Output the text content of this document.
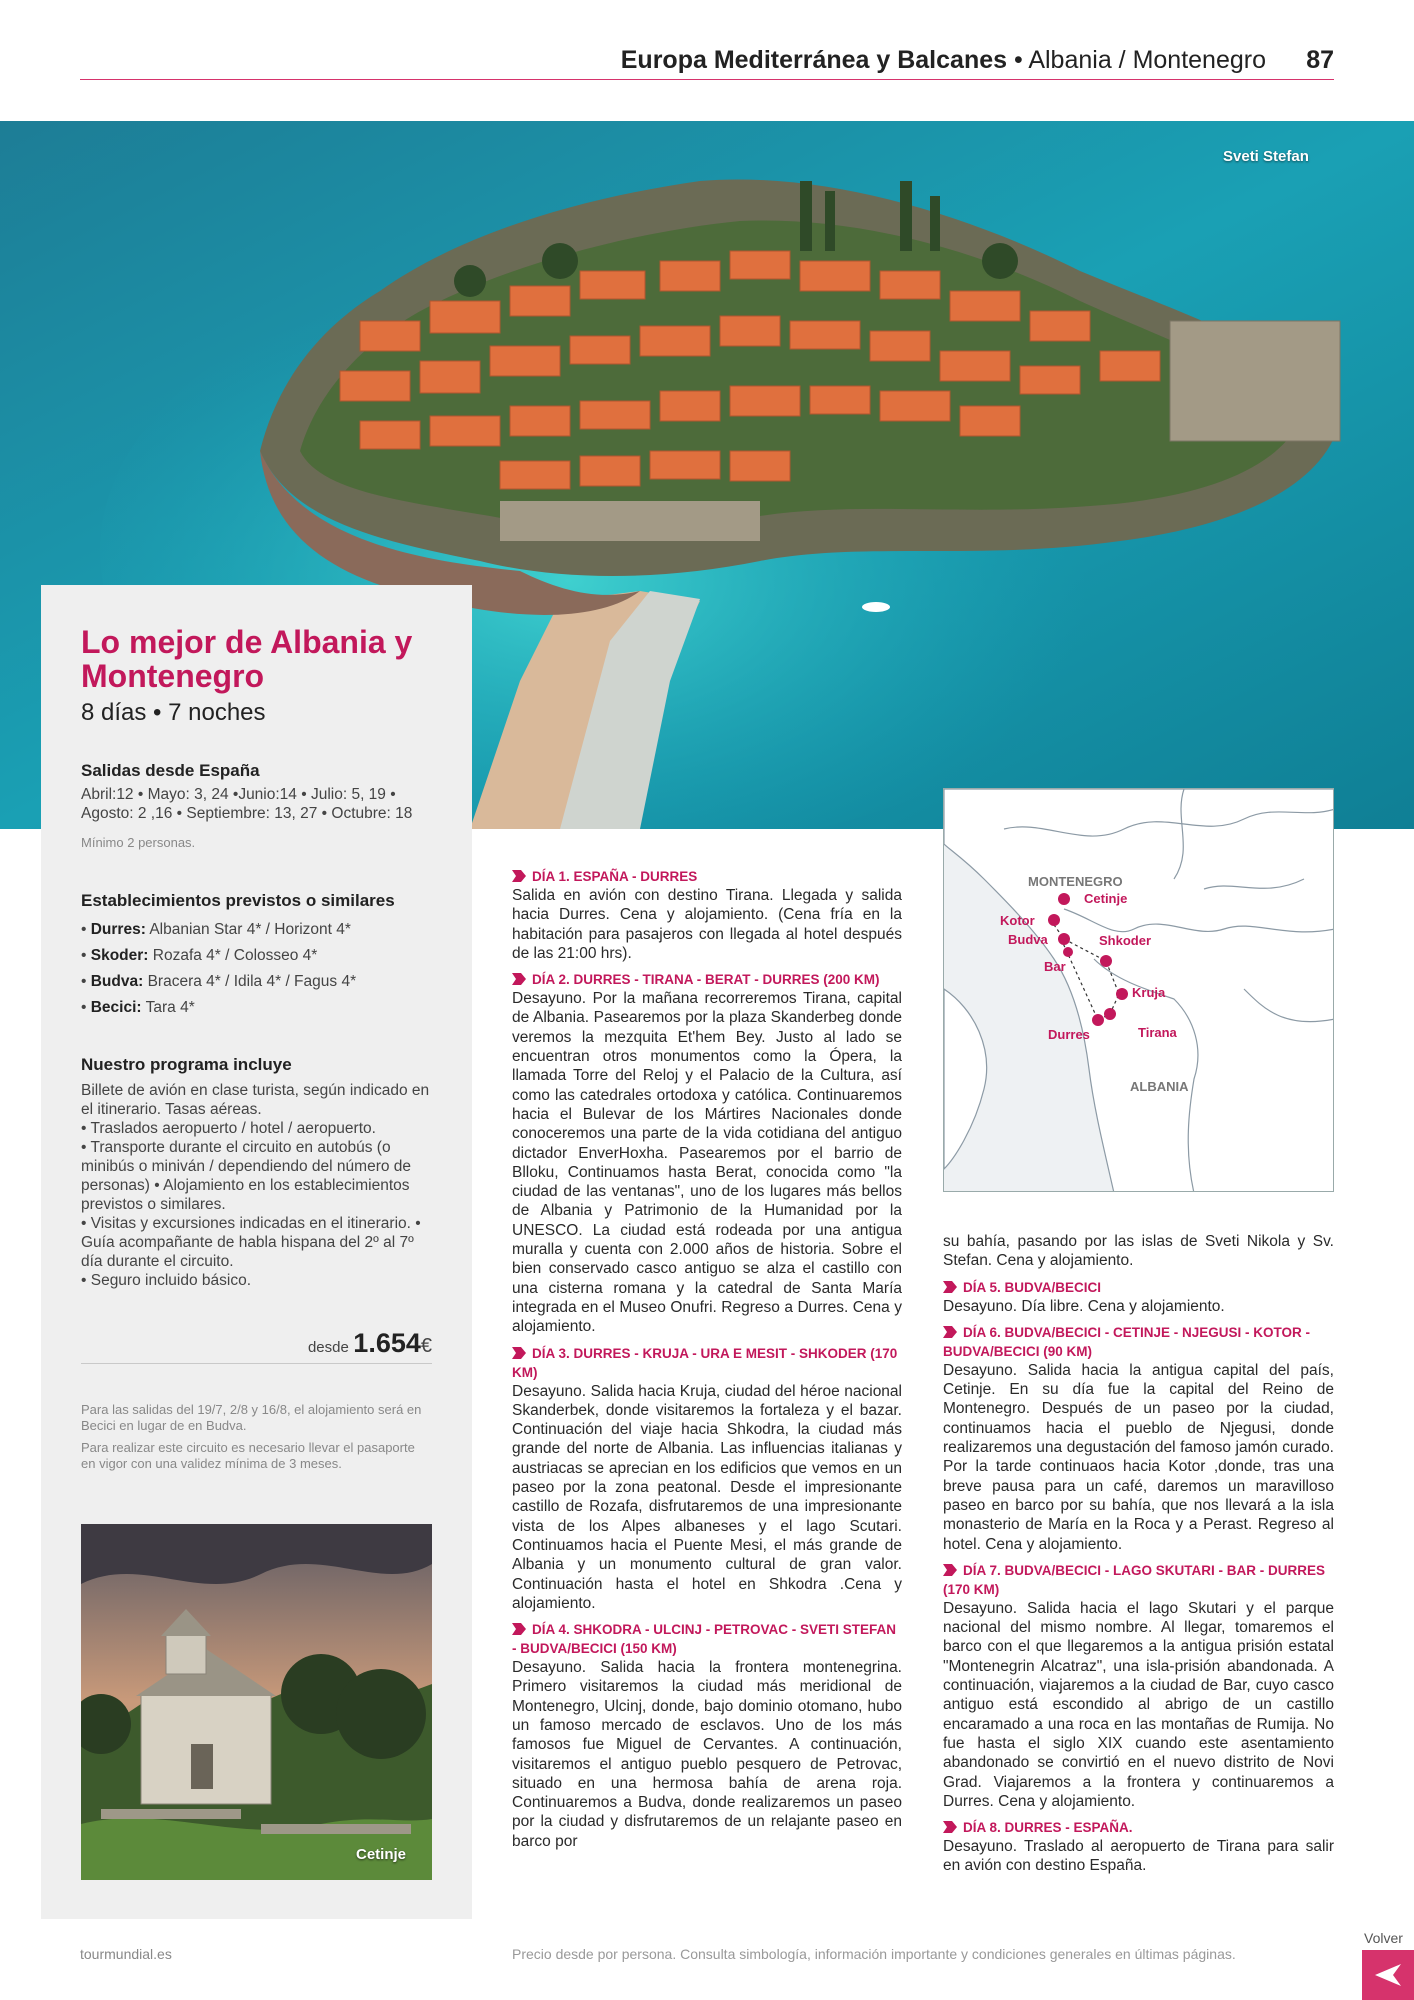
Europa Mediterránea y Balcanes • Albania / Montenegro 87
Sveti Stefan
Lo mejor de Albania y Montenegro
8 días • 7 noches
Salidas desde España
Abril:12 • Mayo: 3, 24 •Junio:14 • Julio: 5, 19 • Agosto: 2 ,16 • Septiembre: 13, 27 • Octubre: 18
Mínimo 2 personas.
Establecimientos previstos o similares
• Durres: Albanian Star 4* / Horizont 4*
• Skoder: Rozafa 4* / Colosseo 4*
• Budva: Bracera 4* / Idila 4* / Fagus 4*
• Becici: Tara 4*
Nuestro programa incluye
Billete de avión en clase turista, según indicado en el itinerario. Tasas aéreas.
• Traslados aeropuerto / hotel / aeropuerto.
• Transporte durante el circuito en autobús (o minibús o miniván / dependiendo del número de personas) • Alojamiento en los establecimientos previstos o similares.
• Visitas y excursiones indicadas en el itinerario. • Guía acompañante de habla hispana del 2º al 7º día durante el circuito.
• Seguro incluido básico.
desde 1.654€

Para las salidas del 19/7, 2/8 y 16/8, el alojamiento será en Becici en lugar de en Budva.

Para realizar este circuito es necesario llevar el pasaporte en vigor con una validez mínima de 3 meses.

Cetinje
DÍA 1. ESPAÑA - DURRES
Salida en avión con destino Tirana. Llegada y salida hacia Durres. Cena y alojamiento. (Cena fría en la habitación para pasajeros con llegada al hotel después de las 21:00 hrs).
DÍA 2. DURRES - TIRANA - BERAT - DURRES (200 KM)
Desayuno. Por la mañana recorreremos Tirana, capital de Albania. Pasearemos por la plaza Skanderbeg donde veremos la mezquita Et'hem Bey. Justo al lado se encuentran otros monumentos como la Ópera, la llamada Torre del Reloj y el Palacio de la Cultura, así como las catedrales ortodoxa y católica. Continuaremos hacia el Bulevar de los Mártires Nacionales donde conoceremos una parte de la vida cotidiana del antiguo dictador EnverHoxha. Pasearemos por el barrio de Blloku, Continuamos hasta Berat, conocida como "la ciudad de las ventanas", uno de los lugares más bellos de Albania y Patrimonio de la Humanidad por la UNESCO. La ciudad está rodeada por una antigua muralla y cuenta con 2.000 años de historia. Sobre el bien conservado casco antiguo se alza el castillo con una cisterna romana y la catedral de Santa María integrada en el Museo Onufri. Regreso a Durres. Cena y alojamiento.
DÍA 3. DURRES - KRUJA - URA E MESIT - SHKODER (170 KM)
Desayuno. Salida hacia Kruja, ciudad del héroe nacional Skanderbek, donde visitaremos la fortaleza y el bazar. Continuación del viaje hacia Shkodra, la ciudad más grande del norte de Albania. Las influencias italianas y austriacas se aprecian en los edificios que vemos en un paseo por la zona peatonal. Desde el impresionante castillo de Rozafa, disfrutaremos de una impresionante vista de los Alpes albaneses y el lago Scutari. Continuamos hacia el Puente Mesi, el más grande de Albania y un monumento cultural de gran valor. Continuación hasta el hotel en Shkodra .Cena y alojamiento.
DÍA 4. SHKODRA - ULCINJ - PETROVAC - SVETI STEFAN - BUDVA/BECICI (150 KM)
Desayuno. Salida hacia la frontera montenegrina. Primero visitaremos la ciudad más meridional de Montenegro, Ulcinj, donde, bajo dominio otomano, hubo un famoso mercado de esclavos. Uno de los más famosos fue Miguel de Cervantes. A continuación, visitaremos el antiguo pueblo pesquero de Petrovac, situado en una hermosa bahía de arena roja. Continuaremos a Budva, donde realizaremos un paseo por la ciudad y disfrutaremos de un relajante paseo en barco por
MONTENEGRO
ALBANIA
Cetinje
Kotor
Budva	Shkoder
Bar
Kruja
Durres	Tirana
su bahía, pasando por las islas de Sveti Nikola y Sv. Stefan. Cena y alojamiento.
DÍA 5. BUDVA/BECICI
Desayuno. Día libre. Cena y alojamiento.
DÍA 6. BUDVA/BECICI - CETINJE - NJEGUSI - KOTOR - BUDVA/BECICI (90 KM)
Desayuno. Salida hacia la antigua capital del país, Cetinje. En su día fue la capital del Reino de Montenegro. Después de un paseo por la ciudad, continuamos hacia el pueblo de Njegusi, donde realizaremos una degustación del famoso jamón curado. Por la tarde continuaos hacia Kotor ,donde, tras una breve pausa para un café, daremos un maravilloso paseo en barco por su bahía, que nos llevará a la isla monasterio de María en la Roca y a Perast. Regreso al hotel. Cena y alojamiento.
DÍA 7. BUDVA/BECICI - LAGO SKUTARI - BAR - DURRES (170 KM)
Desayuno. Salida hacia el lago Skutari y el parque nacional del mismo nombre. Al llegar, tomaremos el barco con el que llegaremos a la antigua prisión estatal "Montenegrin Alcatraz", una isla-prisión abandonada. A continuación, viajaremos a la ciudad de Bar, cuyo casco antiguo está escondido al abrigo de un castillo encaramado a una roca en las montañas de Rumija. No fue hasta el siglo XIX cuando este asentamiento abandonado se convirtió en el nuevo distrito de Novi Grad. Viajaremos a la frontera y continuaremos a Durres. Cena y alojamiento.
DÍA 8. DURRES - ESPAÑA.
Desayuno. Traslado al aeropuerto de Tirana para salir en avión con destino España.
tourmundial.es	Precio desde por persona. Consulta simbología, información importante y condiciones generales en últimas páginas.
Volver
